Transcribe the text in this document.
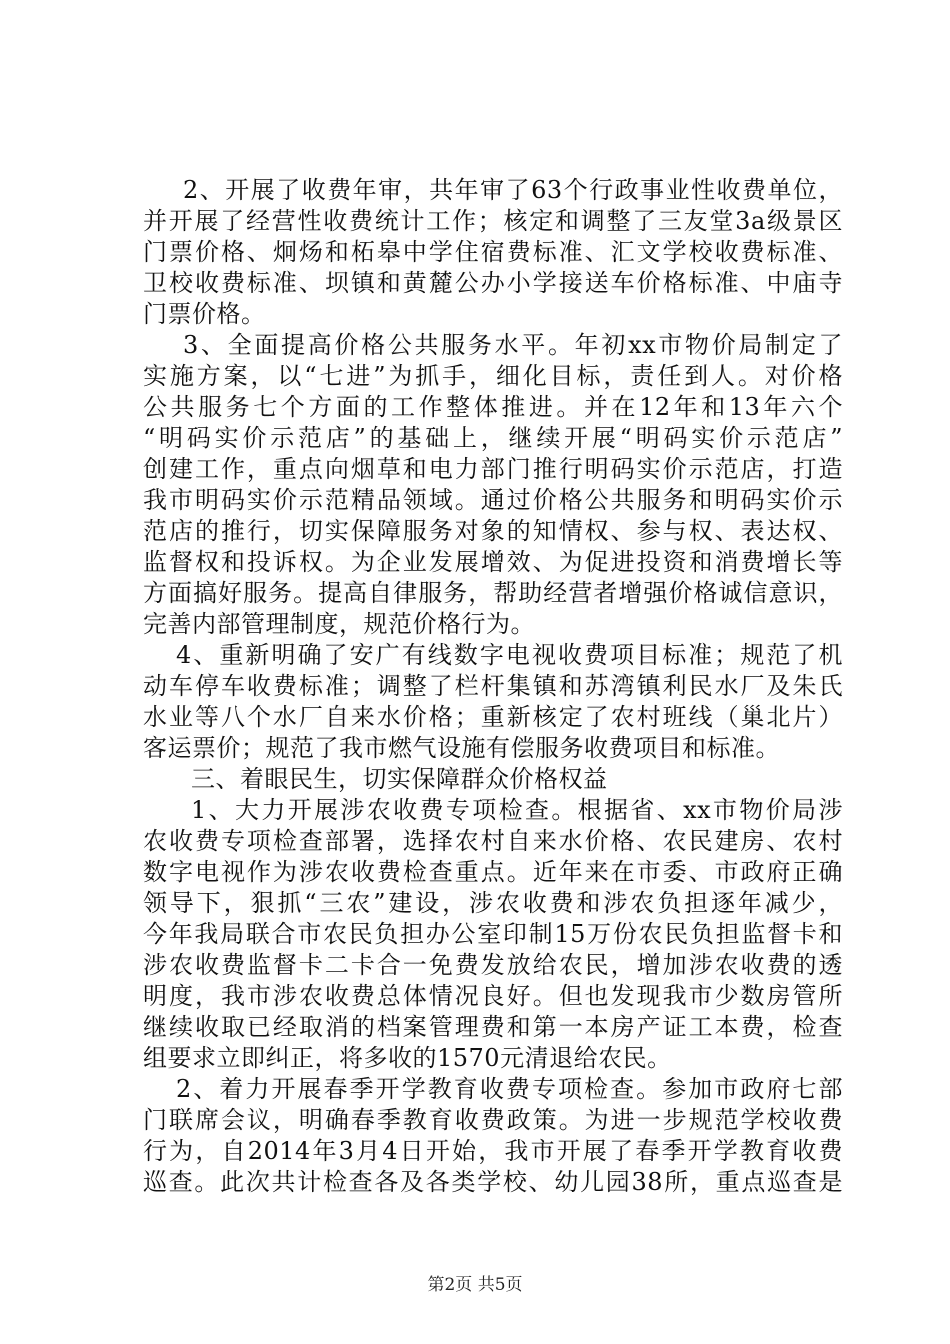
2、开展了收费年审，共年审了63个行政事业性收费单位，
并开展了经营性收费统计工作；核定和调整了三友堂3a级景区
门票价格、炯炀和柘皋中学住宿费标准、汇文学校收费标准、
卫校收费标准、坝镇和黄麓公办小学接送车价格标准、中庙寺
门票价格。
3、全面提高价格公共服务水平。年初xx市物价局制定了
实施方案，以“七进”为抓手，细化目标，责任到人。对价格
公共服务七个方面的工作整体推进。并在12年和13年六个
“明码实价示范店”的基础上，继续开展“明码实价示范店”
创建工作，重点向烟草和电力部门推行明码实价示范店，打造
我市明码实价示范精品领域。通过价格公共服务和明码实价示
范店的推行，切实保障服务对象的知情权、参与权、表达权、
监督权和投诉权。为企业发展增效、为促进投资和消费增长等
方面搞好服务。提高自律服务，帮助经营者增强价格诚信意识，
完善内部管理制度，规范价格行为。
4、重新明确了安广有线数字电视收费项目标准；规范了机
动车停车收费标准；调整了栏杆集镇和苏湾镇利民水厂及朱氏
水业等八个水厂自来水价格；重新核定了农村班线（巢北片）
客运票价；规范了我市燃气设施有偿服务收费项目和标准。
三、着眼民生，切实保障群众价格权益
1、大力开展涉农收费专项检查。根据省、xx市物价局涉
农收费专项检查部署，选择农村自来水价格、农民建房、农村
数字电视作为涉农收费检查重点。近年来在市委、市政府正确
领导下，狠抓“三农”建设，涉农收费和涉农负担逐年减少，
今年我局联合市农民负担办公室印制15万份农民负担监督卡和
涉农收费监督卡二卡合一免费发放给农民，增加涉农收费的透
明度，我市涉农收费总体情况良好。但也发现我市少数房管所
继续收取已经取消的档案管理费和第一本房产证工本费，检查
组要求立即纠正，将多收的1570元清退给农民。
2、着力开展春季开学教育收费专项检查。参加市政府七部
门联席会议，明确春季教育收费政策。为进一步规范学校收费
行为，自2014年3月4日开始，我市开展了春季开学教育收费
巡查。此次共计检查各及各类学校、幼儿园38所，重点巡查是
第2页 共5页
